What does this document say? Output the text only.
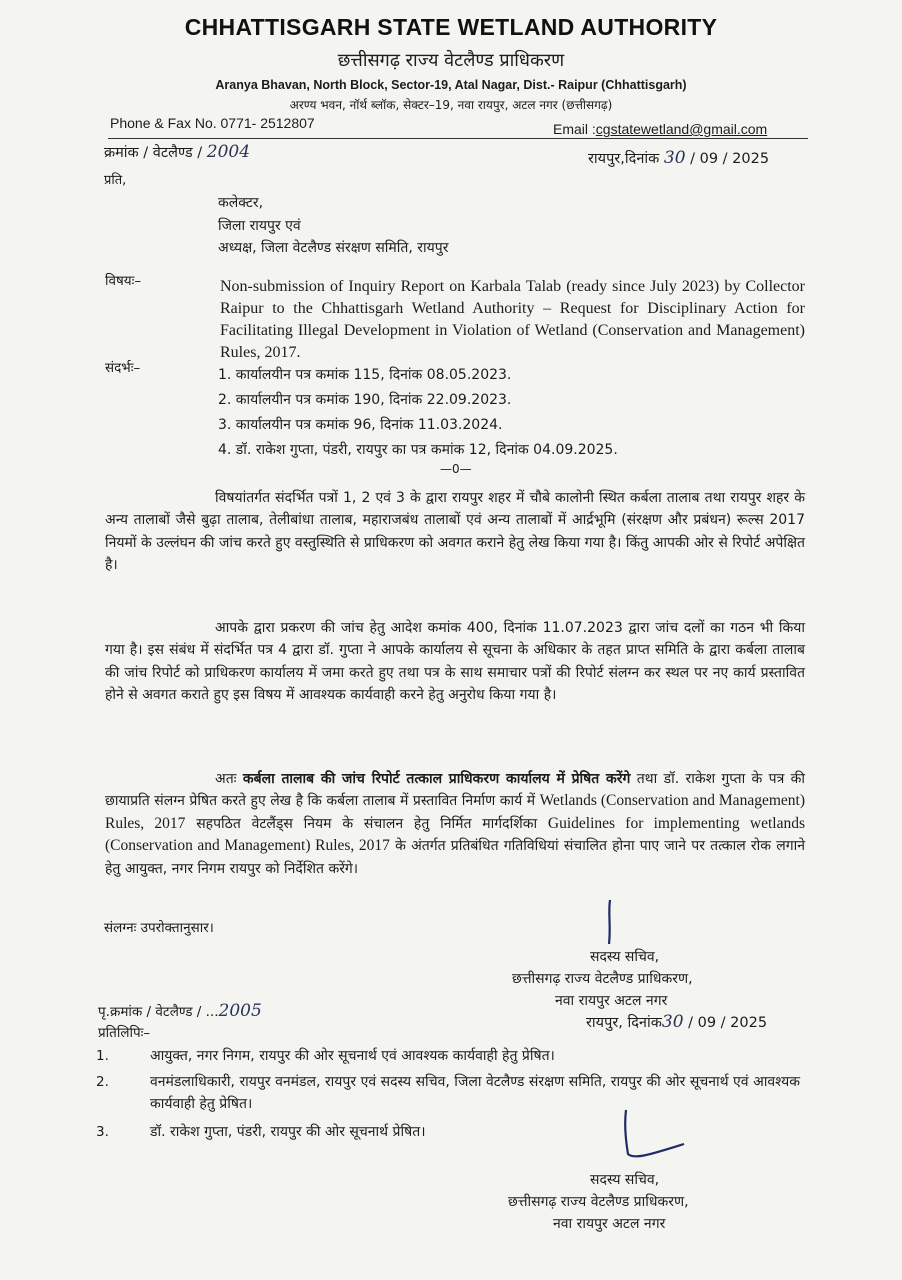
CHHATTISGARH STATE WETLAND AUTHORITY
छत्तीसगढ़ राज्य वेटलैण्ड प्राधिकरण
Aranya Bhavan, North Block, Sector-19, Atal Nagar, Dist.- Raipur (Chhattisgarh)
अरण्य भवन, नॉर्थ ब्लॉक, सेक्टर–19, नवा रायपुर, अटल नगर (छत्तीसगढ़)
Phone & Fax No. 0771- 2512807	Email :cgstatewetland@gmail.com
क्रमांक / वेटलैण्ड / 2004	रायपुर,दिनांक 30 / 09 / 2025
प्रति,
कलेक्टर,
जिला रायपुर एवं
अध्यक्ष, जिला वेटलैण्ड संरक्षण समिति, रायपुर
विषयः–	Non-submission of Inquiry Report on Karbala Talab (ready since July 2023) by Collector Raipur to the Chhattisgarh Wetland Authority – Request for Disciplinary Action for Facilitating Illegal Development in Violation of Wetland (Conservation and Management) Rules, 2017.
संदर्भः–	1. कार्यालयीन पत्र कमांक 115, दिनांक 08.05.2023.
2. कार्यालयीन पत्र कमांक 190, दिनांक 22.09.2023.
3. कार्यालयीन पत्र कमांक 96, दिनांक 11.03.2024.
4. डॉ. राकेश गुप्ता, पंडरी, रायपुर का पत्र कमांक 12, दिनांक 04.09.2025.
—0—
विषयांतर्गत संदर्भित पत्रों 1, 2 एवं 3 के द्वारा रायपुर शहर में चौबे कालोनी स्थित कर्बला तालाब तथा रायपुर शहर के अन्य तालाबों जैसे बुढ़ा तालाब, तेलीबांधा तालाब, महाराजबंध तालाबों एवं अन्य तालाबों में आर्द्रभूमि (संरक्षण और प्रबंधन) रूल्स 2017 नियमों के उल्लंघन की जांच करते हुए वस्तुस्थिति से प्राधिकरण को अवगत कराने हेतु लेख किया गया है। किंतु आपकी ओर से रिपोर्ट अपेक्षित है।
आपके द्वारा प्रकरण की जांच हेतु आदेश कमांक 400, दिनांक 11.07.2023 द्वारा जांच दलों का गठन भी किया गया है। इस संबंध में संदर्भित पत्र 4 द्वारा डॉ. गुप्ता ने आपके कार्यालय से सूचना के अधिकार के तहत प्राप्त समिति के द्वारा कर्बला तालाब की जांच रिपोर्ट को प्राधिकरण कार्यालय में जमा करते हुए तथा पत्र के साथ समाचार पत्रों की रिपोर्ट संलग्न कर स्थल पर नए कार्य प्रस्तावित होने से अवगत कराते हुए इस विषय में आवश्यक कार्यवाही करने हेतु अनुरोध किया गया है।
अतः कर्बला तालाब की जांच रिपोर्ट तत्काल प्राधिकरण कार्यालय में प्रेषित करेंगे तथा डॉ. राकेश गुप्ता के पत्र की छायाप्रति संलग्न प्रेषित करते हुए लेख है कि कर्बला तालाब में प्रस्तावित निर्माण कार्य में Wetlands (Conservation and Management) Rules, 2017 सहपठित वेटलैंड्स नियम के संचालन हेतु निर्मित मार्गदर्शिका Guidelines for implementing wetlands (Conservation and Management) Rules, 2017 के अंतर्गत प्रतिबंधित गतिविधियां संचालित होना पाए जाने पर तत्काल रोक लगाने हेतु आयुक्त, नगर निगम रायपुर को निर्देशित करेंगे।
संलग्नः उपरोक्तानुसार।
सदस्य सचिव,
छत्तीसगढ़ राज्य वेटलैण्ड प्राधिकरण,
नवा रायपुर अटल नगर
पृ.क्रमांक / वेटलैण्ड / ...2005
रायपुर, दिनांक30 / 09 / 2025
प्रतिलिपिः–
1.	आयुक्त, नगर निगम, रायपुर की ओर सूचनार्थ एवं आवश्यक कार्यवाही हेतु प्रेषित।
2.	वनमंडलाधिकारी, रायपुर वनमंडल, रायपुर एवं सदस्य सचिव, जिला वेटलैण्ड संरक्षण समिति, रायपुर की ओर सूचनार्थ एवं आवश्यक कार्यवाही हेतु प्रेषित।
3.	डॉ. राकेश गुप्ता, पंडरी, रायपुर की ओर सूचनार्थ प्रेषित।
सदस्य सचिव,
छत्तीसगढ़ राज्य वेटलैण्ड प्राधिकरण,
नवा रायपुर अटल नगर
